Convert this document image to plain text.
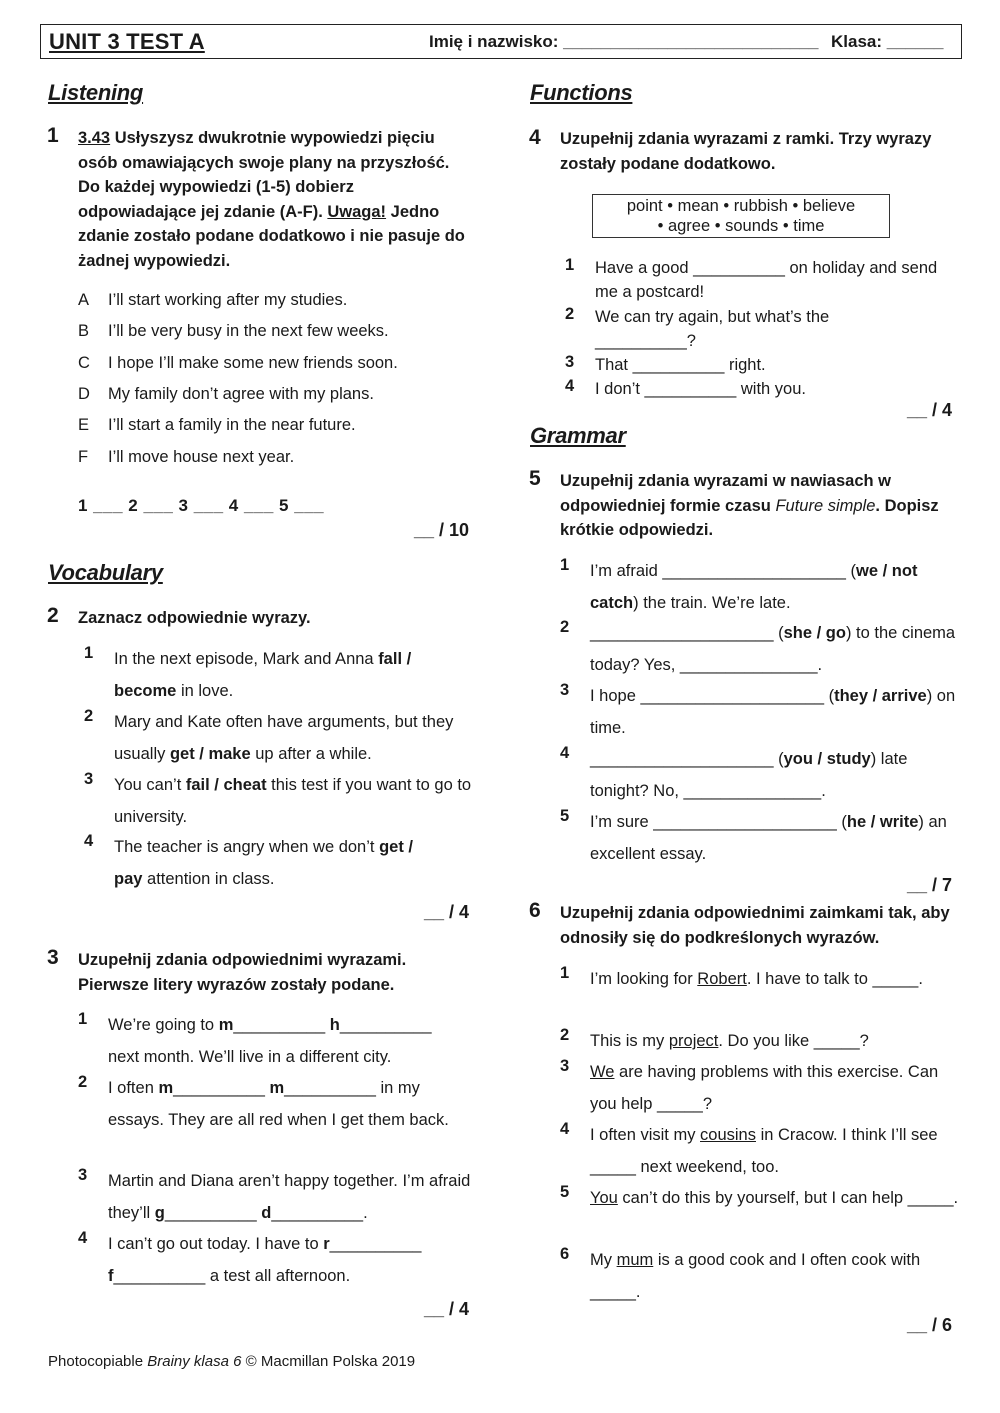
UNIT 3 TEST A	Imię i nazwisko: ___________________________ Klasa: ______
Listening
1 3.43 Usłyszysz dwukrotnie wypowiedzi pięciu osób omawiających swoje plany na przyszłość. Do każdej wypowiedzi (1-5) dobierz odpowiadające jej zdanie (A-F). Uwaga! Jedno zdanie zostało podane dodatkowo i nie pasuje do żadnej wypowiedzi.
A I’ll start working after my studies.
B I’ll be very busy in the next few weeks.
C I hope I’ll make some new friends soon.
D My family don’t agree with my plans.
E I’ll start a family in the near future.
F I’ll move house next year.
1 ___ 2 ___ 3 ___ 4 ___ 5 ___
__ / 10
Vocabulary
2 Zaznacz odpowiednie wyrazy.
1 In the next episode, Mark and Anna fall /
become in love.
2 Mary and Kate often have arguments, but they usually get / make up after a while.
3 You can’t fail / cheat this test if you want to go to university.
4 The teacher is angry when we don’t get /
pay attention in class.
__ / 4
3 Uzupełnij zdania odpowiednimi wyrazami. Pierwsze litery wyrazów zostały podane.
1 We’re going to m__________ h__________
next month. We’ll live in a different city.
2 I often m__________ m__________ in my essays. They are all red when I get them back.
3 Martin and Diana aren’t happy together. I’m afraid they’ll g__________ d__________.
4 I can’t go out today. I have to r__________
f__________ a test all afternoon.
__ / 4
Functions
4 Uzupełnij zdania wyrazami z ramki. Trzy wyrazy zostały podane dodatkowo.
point • mean • rubbish • believe
• agree • sounds • time
1 Have a good __________ on holiday and send me a postcard!
2 We can try again, but what’s the __________?
3 That __________ right.
4 I don’t __________ with you.
__ / 4
Grammar
5 Uzupełnij zdania wyrazami w nawiasach w odpowiedniej formie czasu Future simple. Dopisz krótkie odpowiedzi.
1 I’m afraid ____________________ (we / not catch) the train. We’re late.
2 ____________________ (she / go) to the cinema today? Yes, _______________.
3 I hope ____________________ (they / arrive) on time.
4 ____________________ (you / study) late tonight? No, _______________.
5 I’m sure ____________________ (he / write) an excellent essay.
__ / 7
6 Uzupełnij zdania odpowiednimi zaimkami tak, aby odnosiły się do podkreślonych wyrazów.
1 I’m looking for Robert. I have to talk to _____.
2 This is my project. Do you like _____?
3 We are having problems with this exercise. Can you help _____?
4 I often visit my cousins in Cracow. I think I’ll see _____ next weekend, too.
5 You can’t do this by yourself, but I can help _____.
6 My mum is a good cook and I often cook with _____.
__ / 6
Photocopiable Brainy klasa 6 © Macmillan Polska 2019
